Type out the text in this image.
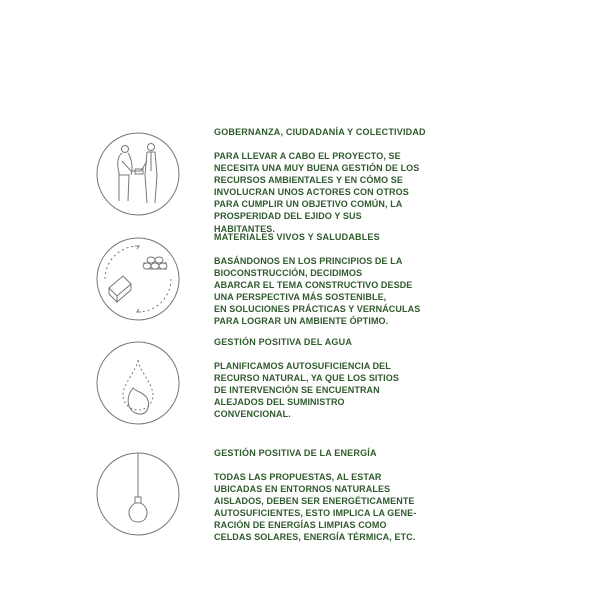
GOBERNANZA, CIUDADANÍA Y COLECTIVIDAD

PARA LLEVAR A CABO EL PROYECTO, SE
NECESITA UNA MUY BUENA GESTIÓN DE LOS
RECURSOS AMBIENTALES Y EN CÓMO SE
INVOLUCRAN UNOS ACTORES CON OTROS
PARA CUMPLIR UN OBJETIVO COMÚN, LA
PROSPERIDAD DEL EJIDO Y SUS HABITANTES.

MATERIALES VIVOS Y SALUDABLES

BASÁNDONOS EN LOS PRINCIPIOS DE LA
BIOCONSTRUCCIÓN, DECIDIMOS
ABARCAR EL TEMA CONSTRUCTIVO DESDE
UNA PERSPECTIVA MÁS SOSTENIBLE,
EN SOLUCIONES PRÁCTICAS Y VERNÁCULAS
PARA LOGRAR UN AMBIENTE ÓPTIMO.

GESTIÓN POSITIVA DEL AGUA

PLANIFICAMOS AUTOSUFICIENCIA DEL
RECURSO NATURAL, YA QUE LOS SITIOS
DE INTERVENCIÓN SE ENCUENTRAN
ALEJADOS DEL SUMINISTRO
CONVENCIONAL.

GESTIÓN POSITIVA DE LA ENERGÍA

TODAS LAS PROPUESTAS, AL ESTAR
UBICADAS EN ENTORNOS NATURALES
AISLADOS, DEBEN SER ENERGÉTICAMENTE
AUTOSUFICIENTES, ESTO IMPLICA LA GENE-
RACIÓN DE ENERGÍAS LIMPIAS COMO
CELDAS SOLARES, ENERGÍA TÉRMICA, ETC.
